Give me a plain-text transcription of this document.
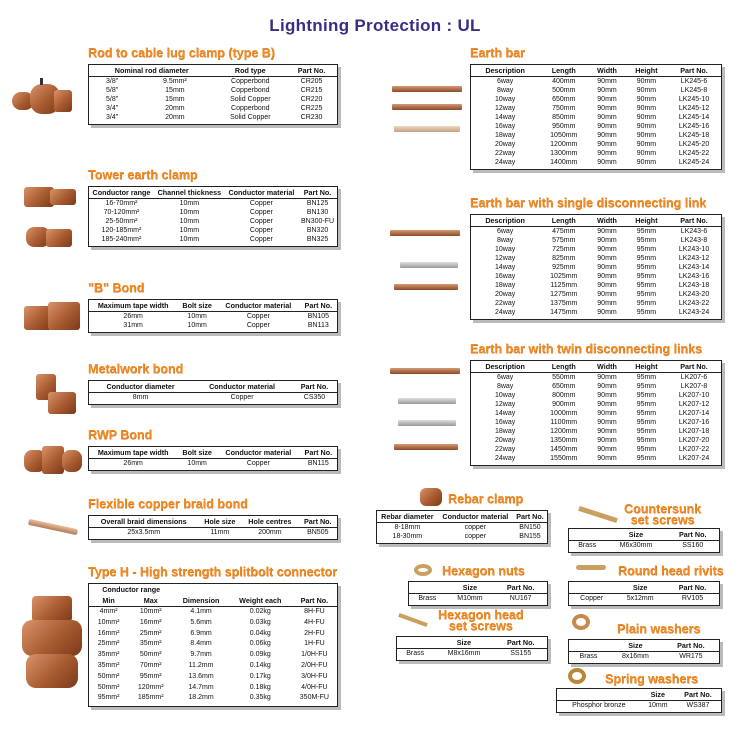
Lightning Protection : UL
Rod to cable lug clamp (type B)
Nominal rod diameter		Rod type	Part No.
3/8"	9.5mm²	Copperbond	CR205
5/8"	15mm	Copperbond	CR215
5/8"	15mm	Solid Copper	CR220
3/4"	20mm	Copperbond	CR225
3/4"	20mm	Solid Copper	CR230

Tower earth clamp
Conductor range	Channel thickness	Conductor material	Part No.
16-70mm²	10mm	Copper	BN125
70-120mm²	10mm	Copper	BN130
25-50mm²	10mm	Copper	BN300-FU
120-185mm²	10mm	Copper	BN320
185-240mm²	10mm	Copper	BN325

"B" Bond
Maximum tape width	Bolt size	Conductor material	Part No.
26mm	10mm	Copper	BN105
31mm	10mm	Copper	BN113

Metalwork bond
Conductor diameter	Conductor material	Part No.
8mm	Copper	CS350

RWP Bond
Maximum tape width	Bolt size	Conductor material	Part No.
26mm	10mm	Copper	BN115

Flexible copper braid bond
Overall braid dimensions	Hole size	Hole centres	Part No.
25x3.5mm	11mm	200mm	BN505

Type H - High strength splitbolt connector
Conductor range		Dimension	Weight each	Part No.
Min	Max			
4mm²	10mm²	4.1mm	0.02kg	8H-FU
10mm²	16mm²	5.6mm	0.03kg	4H-FU
16mm²	25mm²	6.9mm	0.04kg	2H-FU
25mm²	35mm²	8.4mm	0.06kg	1H-FU
35mm²	50mm²	9.7mm	0.09kg	1/0H-FU
35mm²	70mm²	11.2mm	0.14kg	2/0H-FU
50mm²	95mm²	13.6mm	0.17kg	3/0H-FU
50mm²	120mm²	14.7mm	0.18kg	4/0H-FU
95mm²	185mm²	18.2mm	0.35kg	350M-FU

Earth bar
Description	Length	Width	Height	Part No.
6way	400mm	90mm	90mm	LK245-6
8way	500mm	90mm	90mm	LK245-8
10way	650mm	90mm	90mm	LK245-10
12way	750mm	90mm	90mm	LK245-12
14way	850mm	90mm	90mm	LK245-14
16way	950mm	90mm	90mm	LK245-16
18way	1050mm	90mm	90mm	LK245-18
20way	1200mm	90mm	90mm	LK245-20
22way	1300mm	90mm	90mm	LK245-22
24way	1400mm	90mm	90mm	LK245-24

Earth bar with single disconnecting link
Description	Length	Width	Height	Part No.
6way	475mm	90mm	95mm	LK243-6
8way	575mm	90mm	95mm	LK243-8
10way	725mm	90mm	95mm	LK243-10
12way	825mm	90mm	95mm	LK243-12
14way	925mm	90mm	95mm	LK243-14
16way	1025mm	90mm	95mm	LK243-16
18way	1125mm	90mm	95mm	LK243-18
20way	1275mm	90mm	95mm	LK243-20
22way	1375mm	90mm	95mm	LK243-22
24way	1475mm	90mm	95mm	LK243-24

Earth bar with twin disconnecting links
Description	Length	Width	Height	Part No.
6way	550mm	90mm	95mm	LK207-6
8way	650mm	90mm	95mm	LK207-8
10way	800mm	90mm	95mm	LK207-10
12way	900mm	90mm	95mm	LK207-12
14way	1000mm	90mm	95mm	LK207-14
16way	1100mm	90mm	95mm	LK207-16
18way	1200mm	90mm	95mm	LK207-18
20way	1350mm	90mm	95mm	LK207-20
22way	1450mm	90mm	95mm	LK207-22
24way	1550mm	90mm	95mm	LK207-24

Rebar clamp
Rebar diameter	Conductor material	Part No.
8-18mm	copper	BN150
18-30mm	copper	BN155

Hexagon nuts
	Size	Part No.
Brass	M10mm	NU167

Hexagon head
set screws
	Size	Part No.
Brass	M8x16mm	SS155

Countersunk
set screws
	Size	Part No.
Brass	M6x30mm	SS160

Round head rivits
	Size	Part No.
Copper	5x12mm	RV105

Plain washers
	Size	Part No.
Brass	8x16mm	WR175

Spring washers
	Size	Part No.
Phosphor bronze	10mm	WS387
